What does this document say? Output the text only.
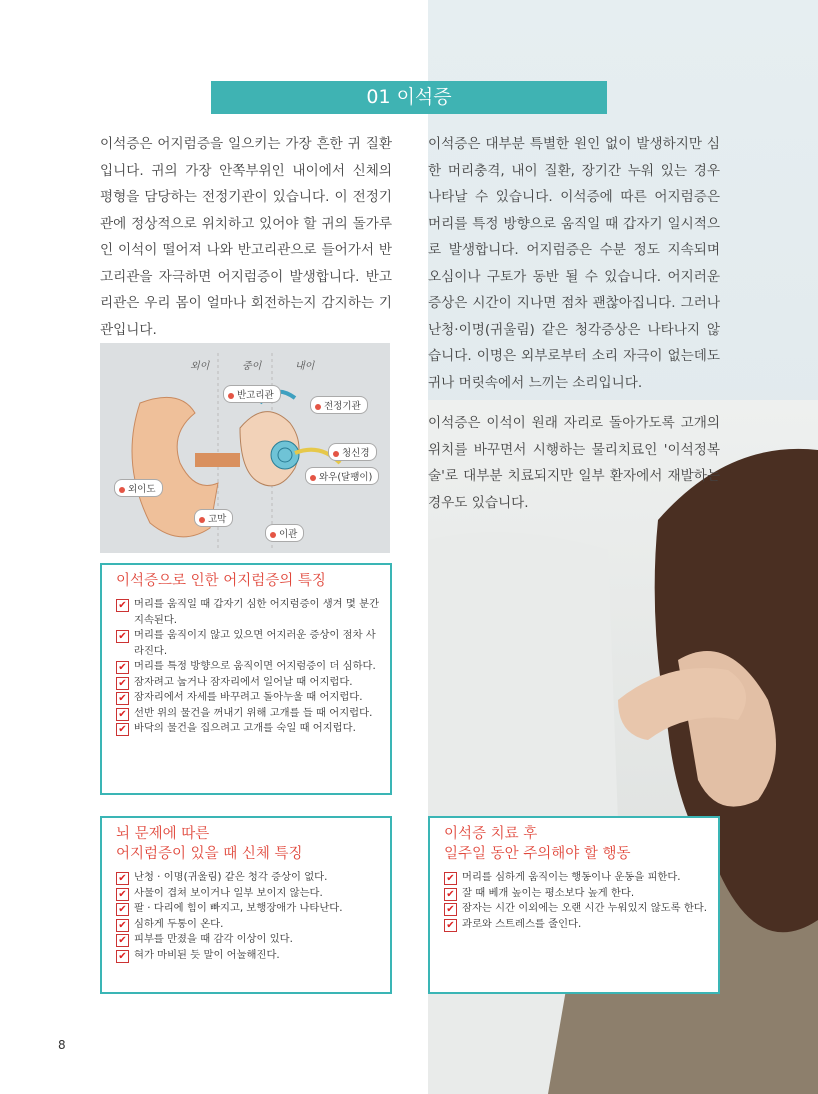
01 이석증

이석증은 어지럼증을 일으키는 가장 흔한 귀 질환입니다. 귀의 가장 안쪽부위인 내이에서 신체의 평형을 담당하는 전정기관이 있습니다. 이 전정기관에 정상적으로 위치하고 있어야 할 귀의 돌가루인 이석이 떨어져 나와 반고리관으로 들어가서 반고리관을 자극하면 어지럼증이 발생합니다. 반고리관은 우리 몸이 얼마나 회전하는지 감지하는 기관입니다.

이석증은 대부분 특별한 원인 없이 발생하지만 심한 머리충격, 내이 질환, 장기간 누워 있는 경우 나타날 수 있습니다. 이석증에 따른 어지럼증은 머리를 특정 방향으로 움직일 때 갑자기 일시적으로 발생합니다. 어지럼증은 수분 정도 지속되며 오심이나 구토가 동반 될 수 있습니다. 어지러운 증상은 시간이 지나면 점차 괜찮아집니다. 그러나 난청·이명(귀울림) 같은 청각증상은 나타나지 않습니다. 이명은 외부로부터 소리 자극이 없는데도 귀나 머릿속에서 느끼는 소리입니다.

이석증은 이석이 원래 자리로 돌아가도록 고개의 위치를 바꾸면서 시행하는 물리치료인 '이석정복술'로 대부분 치료되지만 일부 환자에서 재발하는 경우도 있습니다.

외이	중이	내이
반고리관
전정기관
청신경
와우(달팽이)
외이도
고막
이관
이석증으로 인한 어지럼증의 특징
✔ 머리를 움직일 때 갑자기 심한 어지럼증이 생겨 몇 분간 지속된다.
✔ 머리를 움직이지 않고 있으면 어지러운 증상이 점차 사라진다.
✔ 머리를 특정 방향으로 움직이면 어지럼증이 더 심하다.
✔ 잠자려고 눕거나 잠자리에서 일어날 때 어지럽다.
✔ 잠자리에서 자세를 바꾸려고 돌아누울 때 어지럽다.
✔ 선반 위의 물건을 꺼내기 위해 고개를 들 때 어지럽다.
✔ 바닥의 물건을 집으려고 고개를 숙일 때 어지럽다.
뇌 문제에 따른
어지럼증이 있을 때 신체 특징
✔ 난청 · 이명(귀울림) 같은 청각 증상이 없다.
✔ 사물이 겹쳐 보이거나 일부 보이지 않는다.
✔ 팔 · 다리에 힘이 빠지고, 보행장애가 나타난다.
✔ 심하게 두통이 온다.
✔ 피부를 만졌을 때 감각 이상이 있다.
✔ 혀가 마비된 듯 말이 어눌해진다.
이석증 치료 후
일주일 동안 주의해야 할 행동
✔ 머리를 심하게 움직이는 행동이나 운동을 피한다.
✔ 잘 때 베개 높이는 평소보다 높게 한다.
✔ 잠자는 시간 이외에는 오랜 시간 누워있지 않도록 한다.
✔ 과로와 스트레스를 줄인다.
8
